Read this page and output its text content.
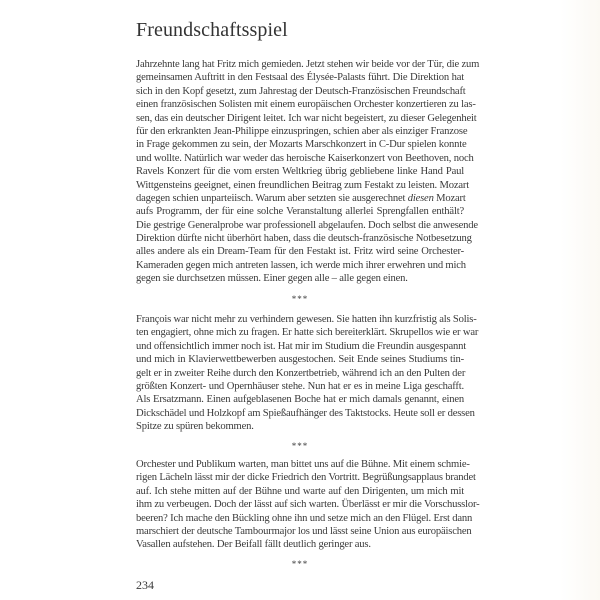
Freundschaftsspiel
Jahrzehnte lang hat Fritz mich gemieden. Jetzt stehen wir beide vor der Tür, die zum
gemeinsamen Auftritt in den Festsaal des Élysée-Palasts führt. Die Direktion hat
sich in den Kopf gesetzt, zum Jahrestag der Deutsch-Französischen Freundschaft
einen französischen Solisten mit einem europäischen Orchester konzertieren zu las-
sen, das ein deutscher Dirigent leitet. Ich war nicht begeistert, zu dieser Gelegenheit
für den erkrankten Jean-Philippe einzuspringen, schien aber als einziger Franzose
in Frage gekommen zu sein, der Mozarts Marschkonzert in C-Dur spielen konnte
und wollte. Natürlich war weder das heroische Kaiserkonzert von Beethoven, noch
Ravels Konzert für die vom ersten Weltkrieg übrig gebliebene linke Hand Paul
Wittgensteins geeignet, einen freundlichen Beitrag zum Festakt zu leisten. Mozart
dagegen schien unparteiisch. Warum aber setzten sie ausgerechnet diesen Mozart
aufs Programm, der für eine solche Veranstaltung allerlei Sprengfallen enthält?
Die gestrige Generalprobe war professionell abgelaufen. Doch selbst die anwesende
Direktion dürfte nicht überhört haben, dass die deutsch-französische Notbesetzung
alles andere als ein Dream-Team für den Festakt ist. Fritz wird seine Orchester-
Kameraden gegen mich antreten lassen, ich werde mich ihrer erwehren und mich
gegen sie durchsetzen müssen. Einer gegen alle – alle gegen einen.
***
François war nicht mehr zu verhindern gewesen. Sie hatten ihn kurzfristig als Solis-
ten engagiert, ohne mich zu fragen. Er hatte sich bereiterklärt. Skrupellos wie er war
und offensichtlich immer noch ist. Hat mir im Studium die Freundin ausgespannt
und mich in Klavierwettbewerben ausgestochen. Seit Ende seines Studiums tin-
gelt er in zweiter Reihe durch den Konzertbetrieb, während ich an den Pulten der
größten Konzert- und Opernhäuser stehe. Nun hat er es in meine Liga geschafft.
Als Ersatzmann. Einen aufgeblasenen Boche hat er mich damals genannt, einen
Dickschädel und Holzkopf am Spießaufhänger des Taktstocks. Heute soll er dessen
Spitze zu spüren bekommen.
***
Orchester und Publikum warten, man bittet uns auf die Bühne. Mit einem schmie-
rigen Lächeln lässt mir der dicke Friedrich den Vortritt. Begrüßungsapplaus brandet
auf. Ich stehe mitten auf der Bühne und warte auf den Dirigenten, um mich mit
ihm zu verbeugen. Doch der lässt auf sich warten. Überlässt er mir die Vorschusslor-
beeren? Ich mache den Bückling ohne ihn und setze mich an den Flügel. Erst dann
marschiert der deutsche Tambourmajor los und lässt seine Union aus europäischen
Vasallen aufstehen. Der Beifall fällt deutlich geringer aus.
***
234
